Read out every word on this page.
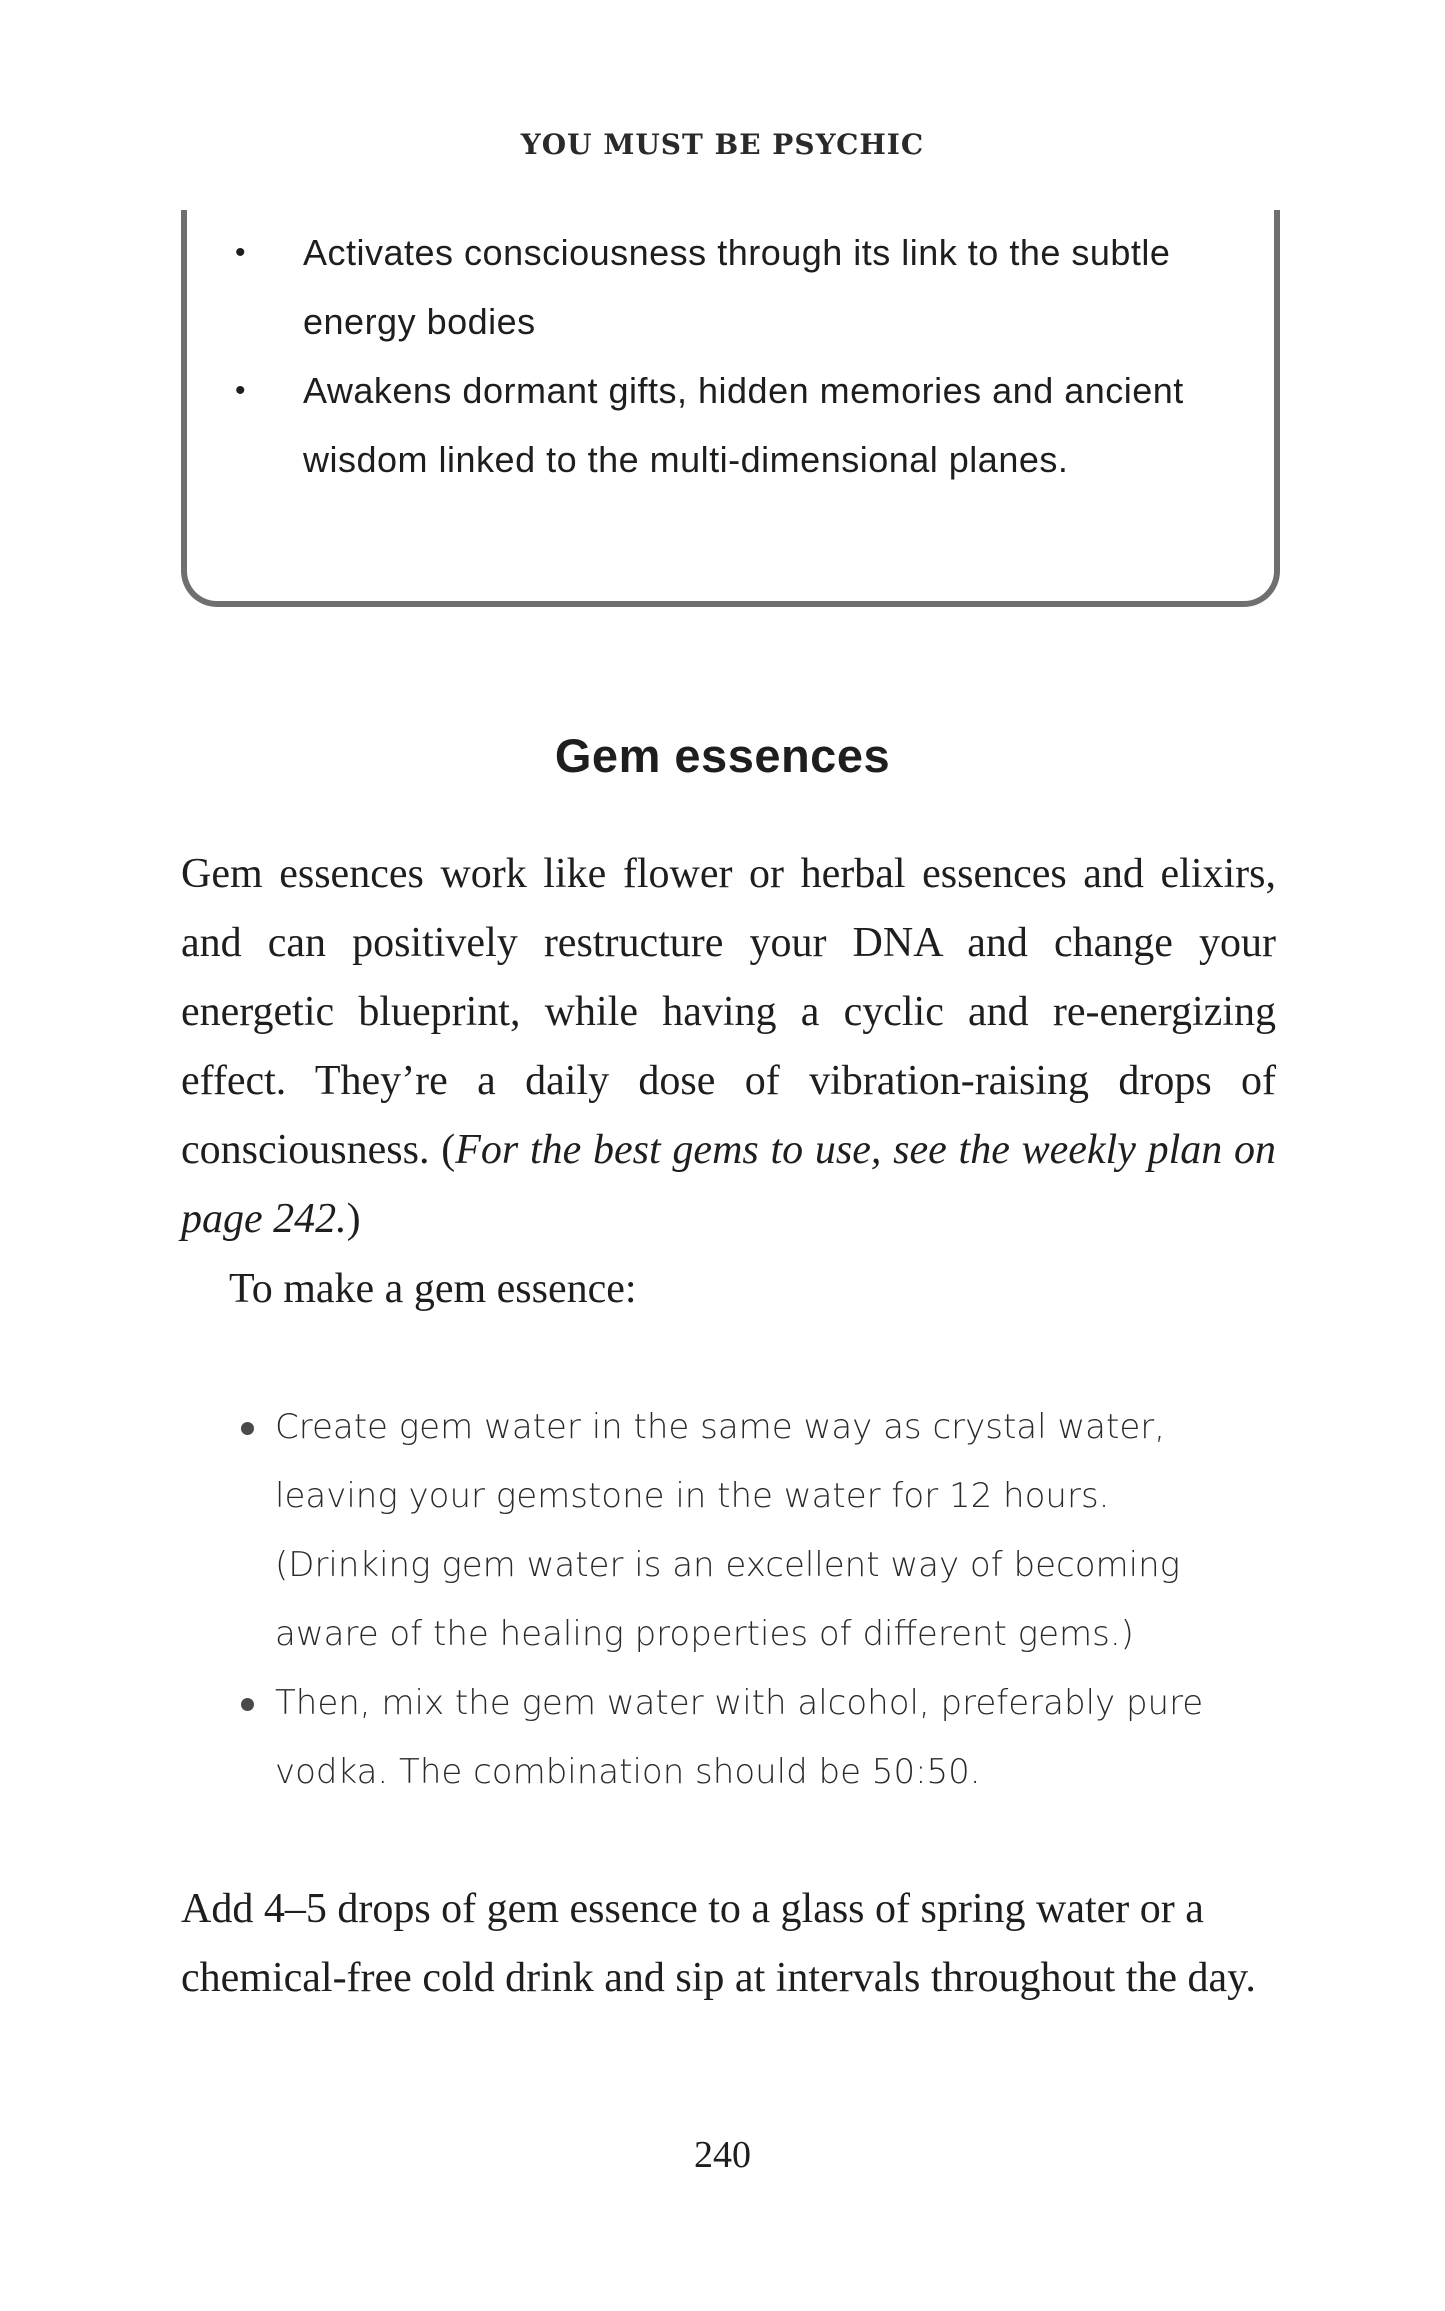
YOU MUST BE PSYCHIC
• Activates consciousness through its link to the subtle energy bodies
• Awakens dormant gifts, hidden memories and ancient wisdom linked to the multi-dimensional planes.
Gem essences
Gem essences work like flower or herbal essences and elixirs, and can positively restructure your DNA and change your energetic blueprint, while having a cyclic and re-energizing effect. They’re a daily dose of vibration-raising drops of consciousness. (For the best gems to use, see the weekly plan on page 242.)
To make a gem essence:
Create gem water in the same way as crystal water, leaving your gemstone in the water for 12 hours. (Drinking gem water is an excellent way of becoming aware of the healing properties of different gems.)
Then, mix the gem water with alcohol, preferably pure vodka. The combination should be 50:50.
Add 4–5 drops of gem essence to a glass of spring water or a chemical-free cold drink and sip at intervals throughout the day.
240
